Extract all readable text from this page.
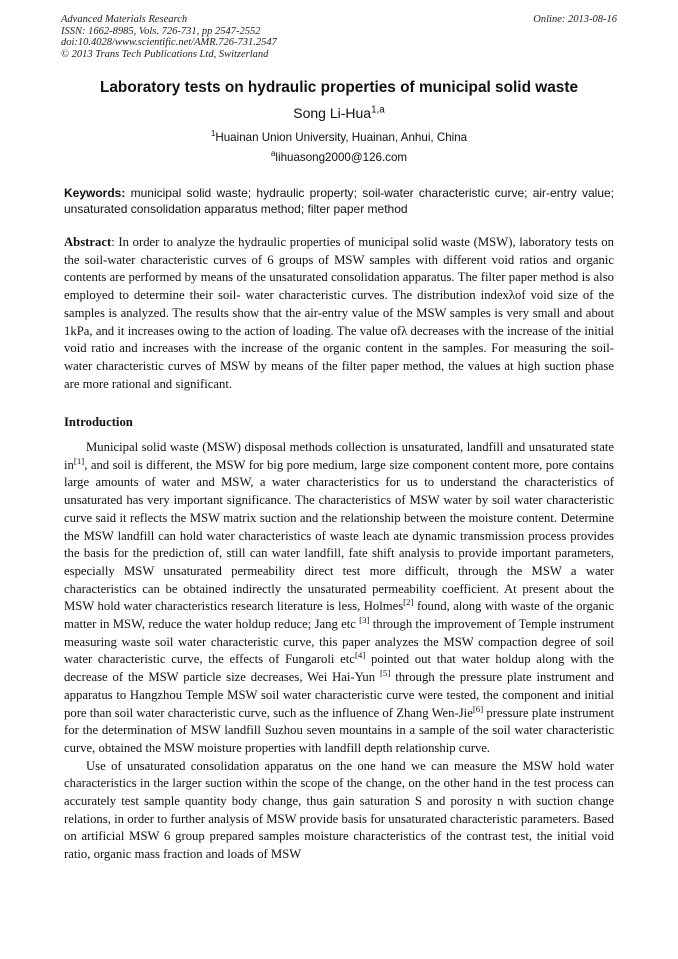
Advanced Materials Research
ISSN: 1662-8985, Vols. 726-731, pp 2547-2552
doi:10.4028/www.scientific.net/AMR.726-731.2547
© 2013 Trans Tech Publications Ltd, Switzerland
Online: 2013-08-16
Laboratory tests on hydraulic properties of municipal solid waste
Song Li-Hua$^{1,a}$
$^1$Huainan Union University, Huainan, Anhui, China
$^a$lihuasong2000@126.com
Keywords: municipal solid waste; hydraulic property; soil-water characteristic curve; air-entry value; unsaturated consolidation apparatus method; filter paper method
Abstract: In order to analyze the hydraulic properties of municipal solid waste (MSW), laboratory tests on the soil-water characteristic curves of 6 groups of MSW samples with different void ratios and organic contents are performed by means of the unsaturated consolidation apparatus. The filter paper method is also employed to determine their soil- water characteristic curves. The distribution indexλof void size of the samples is analyzed. The results show that the air-entry value of the MSW samples is very small and about 1kPa, and it increases owing to the action of loading. The value ofλ decreases with the increase of the initial void ratio and increases with the increase of the organic content in the samples. For measuring the soil-water characteristic curves of MSW by means of the filter paper method, the values at high suction phase are more rational and significant.
Introduction

Municipal solid waste (MSW) disposal methods collection is unsaturated, landfill and unsaturated state in[1], and soil is different, the MSW for big pore medium, large size component content more, pore contains large amounts of water and MSW, a water characteristics for us to understand the characteristics of unsaturated has very important significance. The characteristics of MSW water by soil water characteristic curve said it reflects the MSW matrix suction and the relationship between the moisture content. Determine the MSW landfill can hold water characteristics of waste leach ate dynamic transmission process provides the basis for the prediction of, still can water landfill, fate shift analysis to provide important parameters, especially MSW unsaturated permeability direct test more difficult, through the MSW a water characteristics can be obtained indirectly the unsaturated permeability coefficient. At present about the MSW hold water characteristics research literature is less, Holmes[2] found, along with waste of the organic matter in MSW, reduce the water holdup reduce; Jang etc [3] through the improvement of Temple instrument measuring waste soil water characteristic curve, this paper analyzes the MSW compaction degree of soil water characteristic curve, the effects of Fungaroli etc[4] pointed out that water holdup along with the decrease of the MSW particle size decreases, Wei Hai-Yun [5] through the pressure plate instrument and apparatus to Hangzhou Temple MSW soil water characteristic curve were tested, the component and initial pore than soil water characteristic curve, such as the influence of Zhang Wen-Jie[6] pressure plate instrument for the determination of MSW landfill Suzhou seven mountains in a sample of the soil water characteristic curve, obtained the MSW moisture properties with landfill depth relationship curve.

Use of unsaturated consolidation apparatus on the one hand we can measure the MSW hold water characteristics in the larger suction within the scope of the change, on the other hand in the test process can accurately test sample quantity body change, thus gain saturation S and porosity n with suction change relations, in order to further analysis of MSW provide basis for unsaturated characteristic parameters. Based on artificial MSW 6 group prepared samples moisture characteristics of the contrast test, the initial void ratio, organic mass fraction and loads of MSW
